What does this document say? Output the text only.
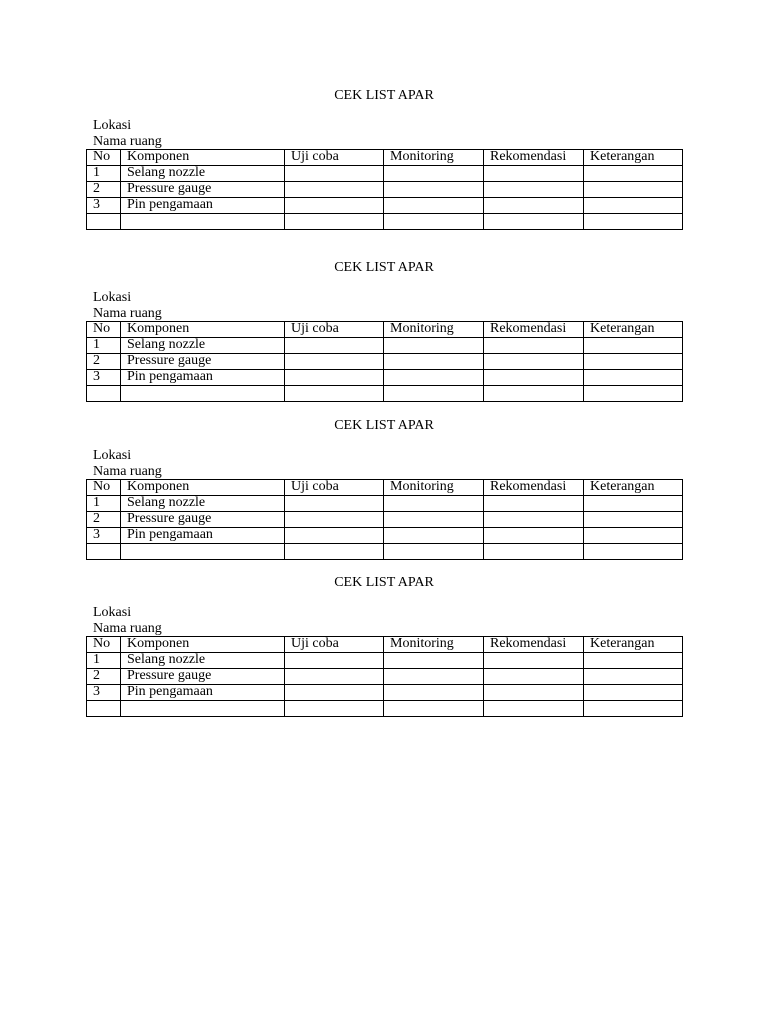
CEK LIST APAR
Lokasi
Nama ruang
No	Komponen	Uji coba	Monitoring	Rekomendasi	Keterangan
1	Selang nozzle				
2	Pressure gauge				
3	Pin pengamaan				

CEK LIST APAR
Lokasi
Nama ruang
No	Komponen	Uji coba	Monitoring	Rekomendasi	Keterangan
1	Selang nozzle				
2	Pressure gauge				
3	Pin pengamaan				

CEK LIST APAR
Lokasi
Nama ruang
No	Komponen	Uji coba	Monitoring	Rekomendasi	Keterangan
1	Selang nozzle				
2	Pressure gauge				
3	Pin pengamaan				

CEK LIST APAR
Lokasi
Nama ruang
No	Komponen	Uji coba	Monitoring	Rekomendasi	Keterangan
1	Selang nozzle				
2	Pressure gauge				
3	Pin pengamaan				
